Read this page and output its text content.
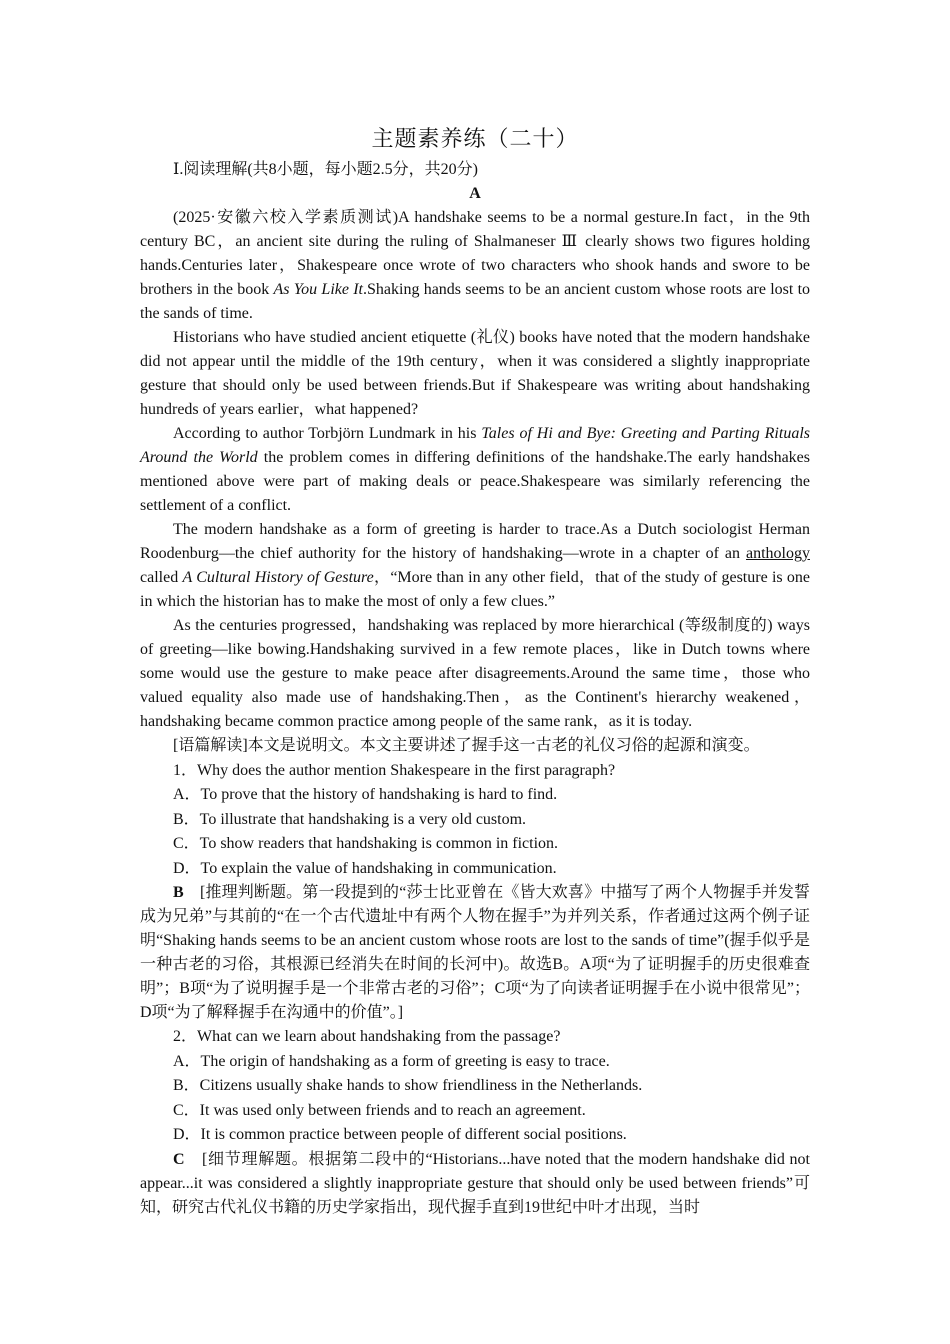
主题素养练（二十）
Ⅰ.阅读理解(共8小题，每小题2.5分，共20分)
A

(2025·安徽六校入学素质测试)A handshake seems to be a normal gesture.In fact，in the 9th century BC，an ancient site during the ruling of Shalmaneser Ⅲ clearly shows two figures holding hands.Centuries later，Shakespeare once wrote of two characters who shook hands and swore to be brothers in the book As You Like It.Shaking hands seems to be an ancient custom whose roots are lost to the sands of time.

Historians who have studied ancient etiquette (礼仪) books have noted that the modern handshake did not appear until the middle of the 19th century，when it was considered a slightly inappropriate gesture that should only be used between friends.But if Shakespeare was writing about handshaking hundreds of years earlier，what happened?

According to author Torbjörn Lundmark in his Tales of Hi and Bye: Greeting and Parting Rituals Around the World the problem comes in differing definitions of the handshake.The early handshakes mentioned above were part of making deals or peace.Shakespeare was similarly referencing the settlement of a conflict.

The modern handshake as a form of greeting is harder to trace.As a Dutch sociologist Herman Roodenburg—the chief authority for the history of handshaking—wrote in a chapter of an anthology called A Cultural History of Gesture，“More than in any other field，that of the study of gesture is one in which the historian has to make the most of only a few clues.”

As the centuries progressed，handshaking was replaced by more hierarchical (等级制度的) ways of greeting—like bowing.Handshaking survived in a few remote places，like in Dutch towns where some would use the gesture to make peace after disagreements.Around the same time，those who valued equality also made use of handshaking.Then，as the Continent's hierarchy weakened，handshaking became common practice among people of the same rank，as it is today.

[语篇解读]本文是说明文。本文主要讲述了握手这一古老的礼仪习俗的起源和演变。

1．Why does the author mention Shakespeare in the first paragraph?
A．To prove that the history of handshaking is hard to find.
B．To illustrate that handshaking is a very old custom.
C．To show readers that handshaking is common in fiction.
D．To explain the value of handshaking in communication.

B　[推理判断题。第一段提到的“莎士比亚曾在《皆大欢喜》中描写了两个人物握手并发誓成为兄弟”与其前的“在一个古代遗址中有两个人物在握手”为并列关系，作者通过这两个例子证明“Shaking hands seems to be an ancient custom whose roots are lost to the sands of time”(握手似乎是一种古老的习俗，其根源已经消失在时间的长河中)。故选B。A项“为了证明握手的历史很难查明”；B项“为了说明握手是一个非常古老的习俗”；C项“为了向读者证明握手在小说中很常见”；D项“为了解释握手在沟通中的价值”。]

2．What can we learn about handshaking from the passage?
A．The origin of handshaking as a form of greeting is easy to trace.
B．Citizens usually shake hands to show friendliness in the Netherlands.
C．It was used only between friends and to reach an agreement.
D．It is common practice between people of different social positions.

C　[细节理解题。根据第二段中的“Historians...have noted that the modern handshake did not appear...it was considered a slightly inappropriate gesture that should only be used between friends”可知，研究古代礼仪书籍的历史学家指出，现代握手直到19世纪中叶才出现，当时
